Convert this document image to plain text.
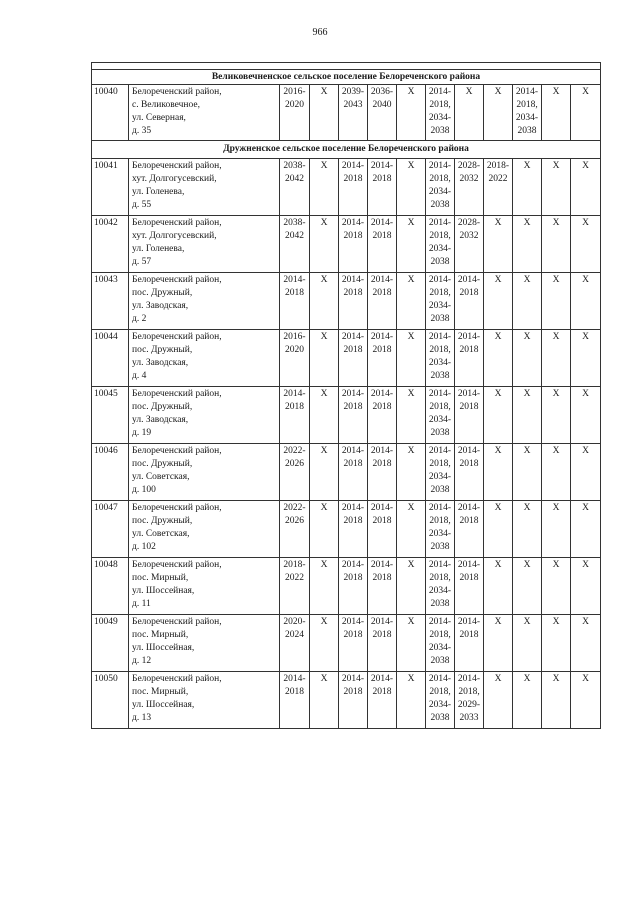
966

Великовечненское сельское поселение Белореченского района												
10040	Белореченский район,
с. Великовечное,
ул. Северная,
д. 35	2016-
2020	X	2039-
2043	2036-
2040	X	2014-
2018,
2034-
2038	X	X	2014-
2018,
2034-
2038	X	X

Дружненское сельское поселение Белореченского района												
10041	Белореченский район,
хут. Долгогусевский,
ул. Голенева,
д. 55	2038-
2042	X	2014-
2018	2014-
2018	X	2014-
2018,
2034-
2038	2028-
2032	2018-
2022	X	X	X

10042	Белореченский район,
хут. Долгогусевский,
ул. Голенева,
д. 57	2038-
2042	X	2014-
2018	2014-
2018	X	2014-
2018,
2034-
2038	2028-
2032	X	X	X	X

10043	Белореченский район,
пос. Дружный,
ул. Заводская,
д. 2	2014-
2018	X	2014-
2018	2014-
2018	X	2014-
2018,
2034-
2038	2014-
2018	X	X	X	X

10044	Белореченский район,
пос. Дружный,
ул. Заводская,
д. 4	2016-
2020	X	2014-
2018	2014-
2018	X	2014-
2018,
2034-
2038	2014-
2018	X	X	X	X

10045	Белореченский район,
пос. Дружный,
ул. Заводская,
д. 19	2014-
2018	X	2014-
2018	2014-
2018	X	2014-
2018,
2034-
2038	2014-
2018	X	X	X	X

10046	Белореченский район,
пос. Дружный,
ул. Советская,
д. 100	2022-
2026	X	2014-
2018	2014-
2018	X	2014-
2018,
2034-
2038	2014-
2018	X	X	X	X

10047	Белореченский район,
пос. Дружный,
ул. Советская,
д. 102	2022-
2026	X	2014-
2018	2014-
2018	X	2014-
2018,
2034-
2038	2014-
2018	X	X	X	X

10048	Белореченский район,
пос. Мирный,
ул. Шоссейная,
д. 11	2018-
2022	X	2014-
2018	2014-
2018	X	2014-
2018,
2034-
2038	2014-
2018	X	X	X	X

10049	Белореченский район,
пос. Мирный,
ул. Шоссейная,
д. 12	2020-
2024	X	2014-
2018	2014-
2018	X	2014-
2018,
2034-
2038	2014-
2018	X	X	X	X

10050	Белореченский район,
пос. Мирный,
ул. Шоссейная,
д. 13	2014-
2018	X	2014-
2018	2014-
2018	X	2014-
2018,
2034-
2038	2014-
2018,
2029-
2033	X	X	X	X
